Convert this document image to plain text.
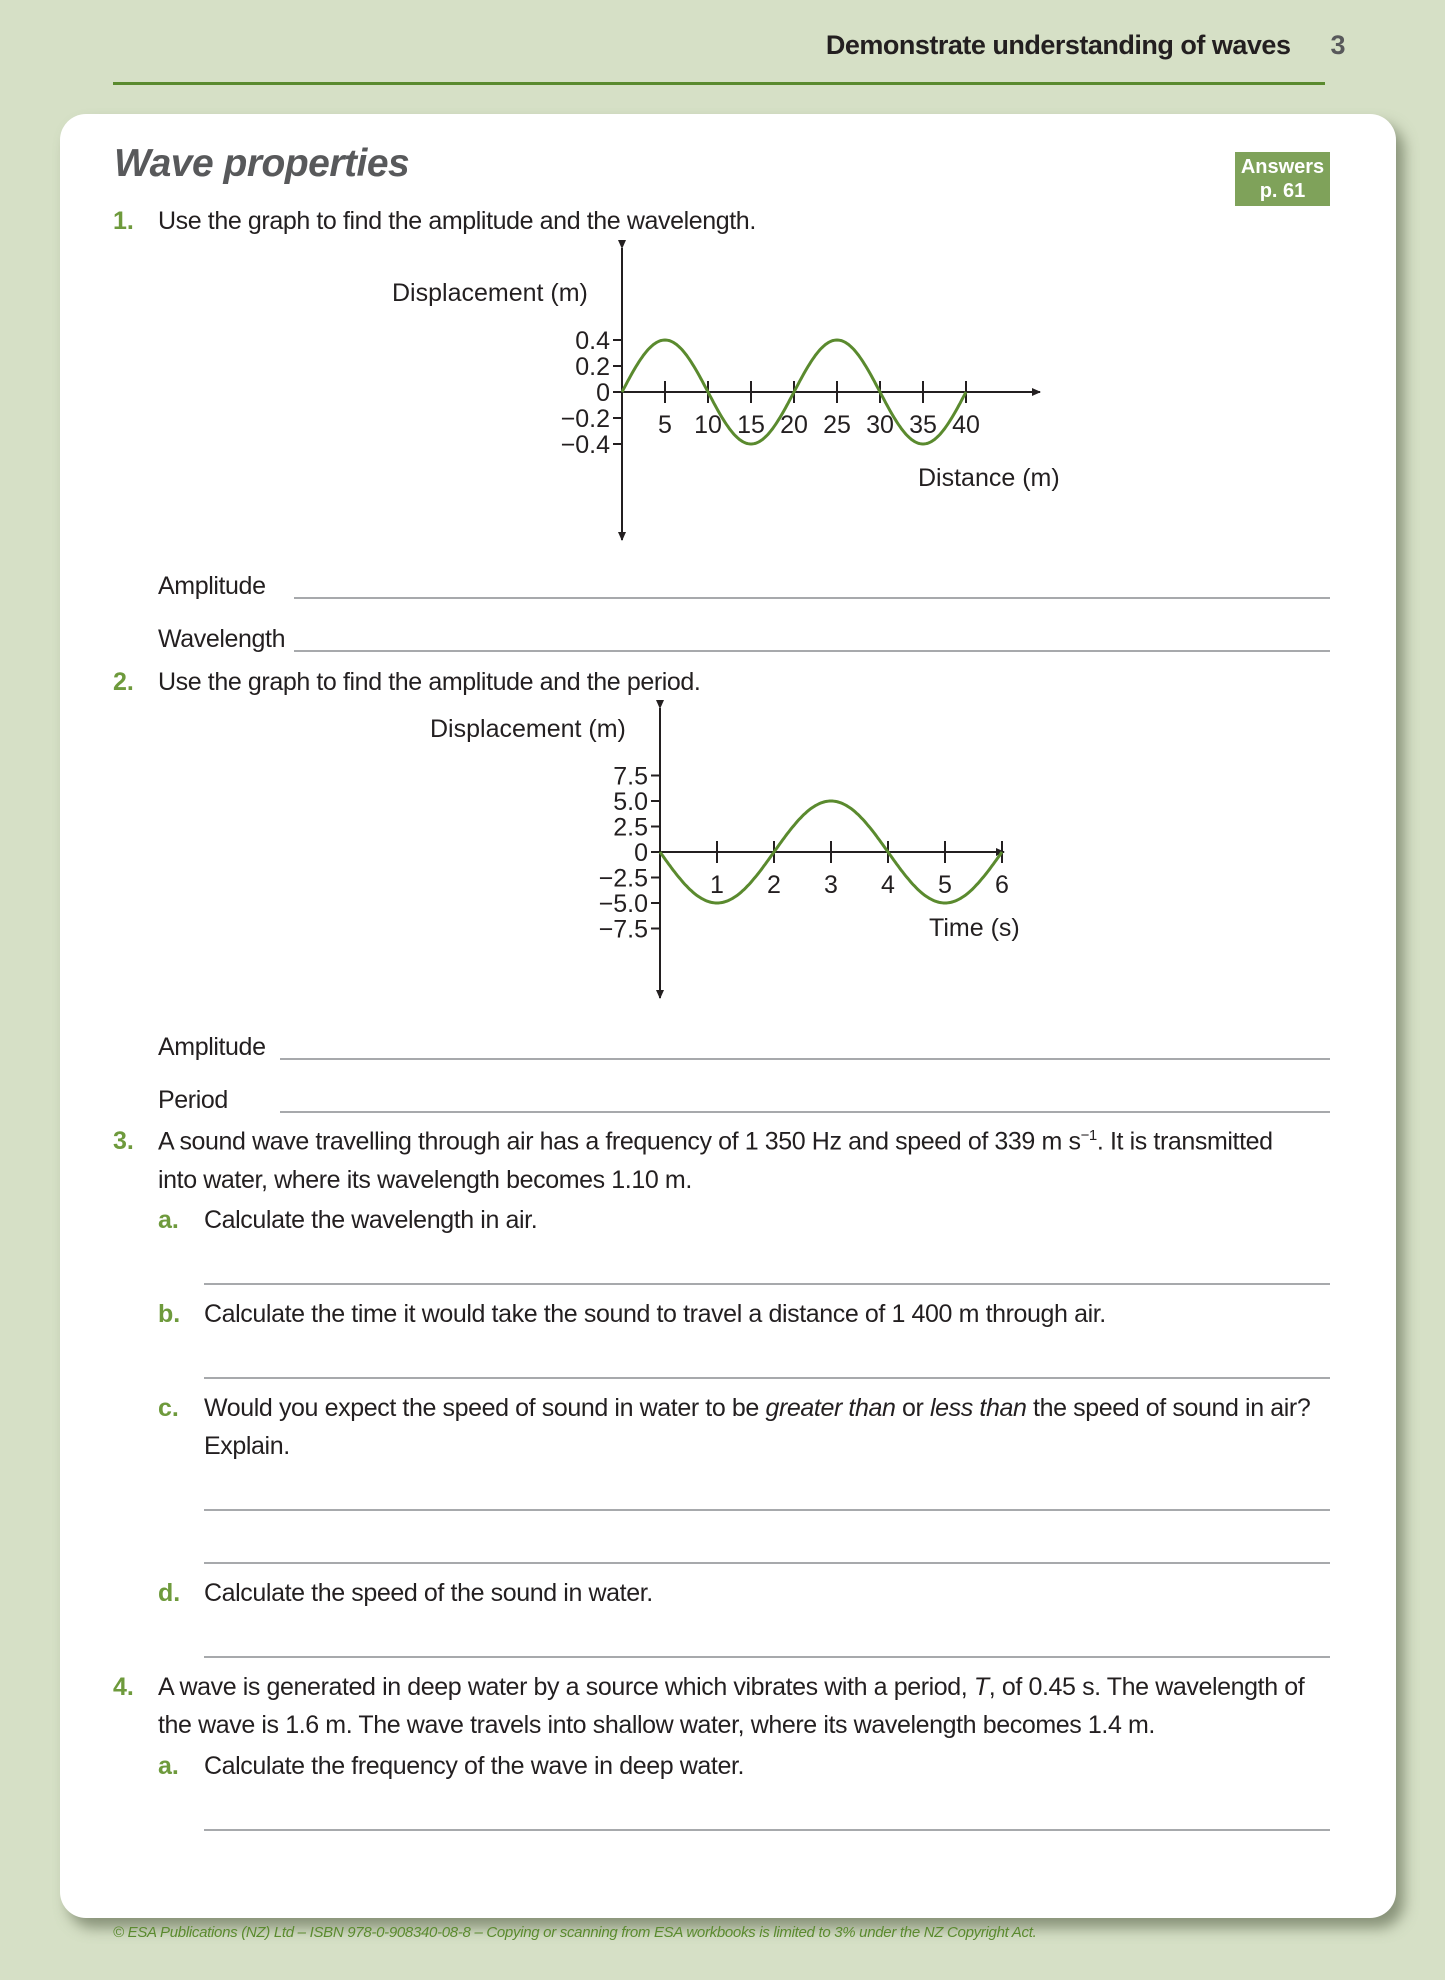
Demonstrate understanding of waves 3
Wave properties	Answers
p. 61
1. Use the graph to find the amplitude and the wavelength.
Displacement (m)
Distance (m)
0.4
0.2
0
−0.2
−0.4
5 10 15 20 25 30 35 40
Amplitude
Wavelength
2. Use the graph to find the amplitude and the period.
Displacement (m)
Time (s)
7.5
5.0
2.5
0
−2.5
−5.0
−7.5
1 2 3 4 5 6
Amplitude
Period
3. A sound wave travelling through air has a frequency of 1 350 Hz and speed of 339 m $s^{-1}$. It is transmitted
into water, where its wavelength becomes 1.10 m.
a. Calculate the wavelength in air.
b. Calculate the time it would take the sound to travel a distance of 1 400 m through air.
c. Would you expect the speed of sound in water to be greater than or less than the speed of sound in air?
Explain.
d. Calculate the speed of the sound in water.
4. A wave is generated in deep water by a source which vibrates with a period, T, of 0.45 s. The wavelength of
the wave is 1.6 m. The wave travels into shallow water, where its wavelength becomes 1.4 m.
a. Calculate the frequency of the wave in deep water.
© ESA Publications (NZ) Ltd – ISBN 978-0-908340-08-8 – Copying or scanning from ESA workbooks is limited to 3% under the NZ Copyright Act.
